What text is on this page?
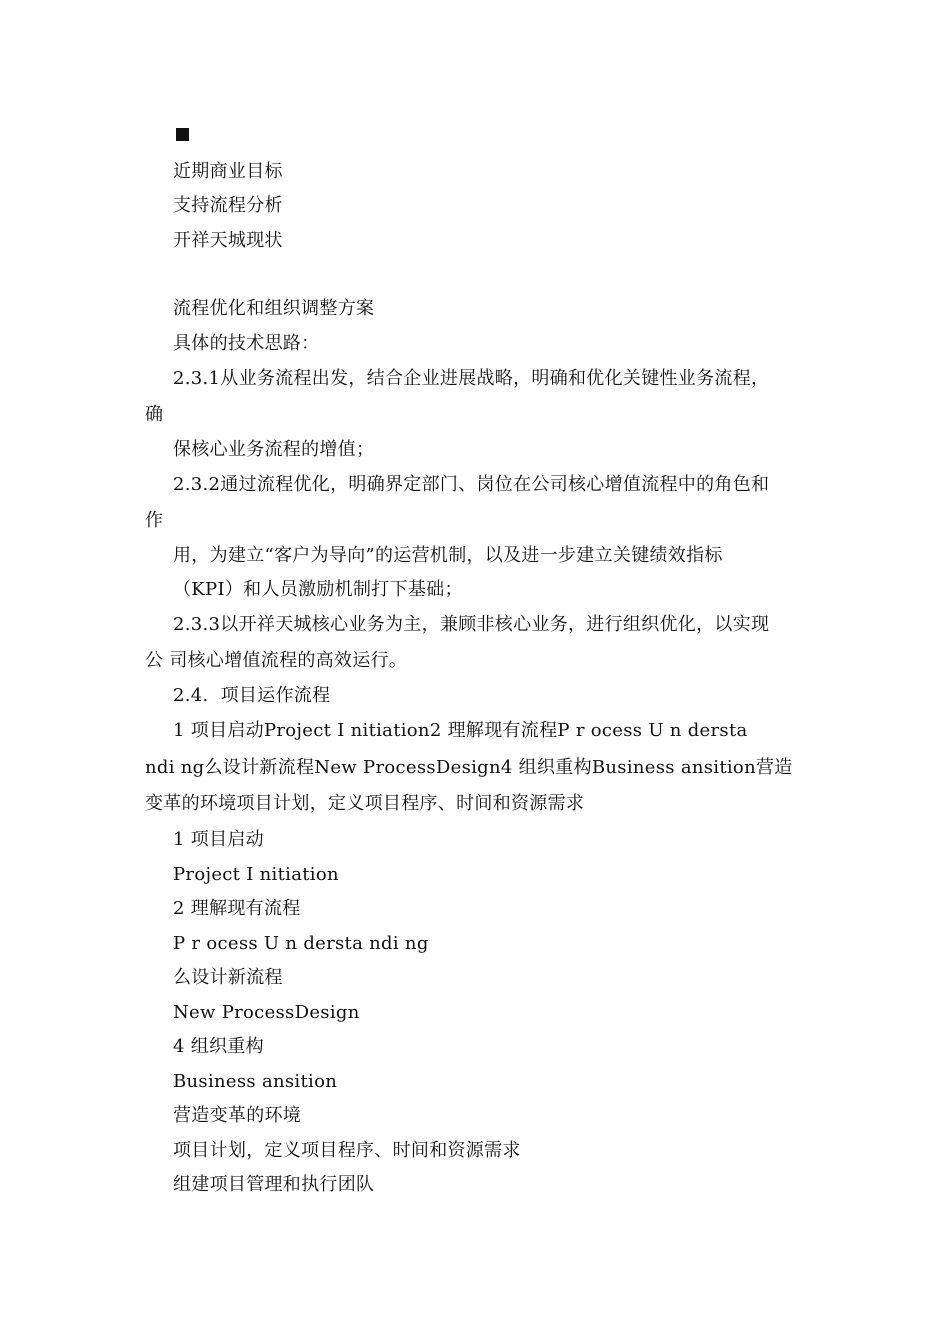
近期商业目标
支持流程分析
开祥天城现状
流程优化和组织调整方案
具体的技术思路：
2.3.1从业务流程出发，结合企业进展战略，明确和优化关键性业务流程，
确
保核心业务流程的增值；
2.3.2通过流程优化，明确界定部门、岗位在公司核心增值流程中的角色和
作
用，为建立“客户为导向”的运营机制，以及进一步建立关键绩效指标
（KPI）和人员激励机制打下基础；
2.3.3以开祥天城核心业务为主，兼顾非核心业务，进行组织优化，以实现
公 司核心增值流程的高效运行。
2.4.  项目运作流程
1 项目启动Project I nitiation2 理解现有流程P r ocess U n dersta
ndi ng么设计新流程New ProcessDesign4 组织重构Business ansition营造
变革的环境项目计划，定义项目程序、时间和资源需求
1 项目启动
Project I nitiation
2 理解现有流程
P r ocess U n dersta ndi ng
么设计新流程
New ProcessDesign
4 组织重构
Business ansition
营造变革的环境
项目计划，定义项目程序、时间和资源需求
组建项目管理和执行团队
